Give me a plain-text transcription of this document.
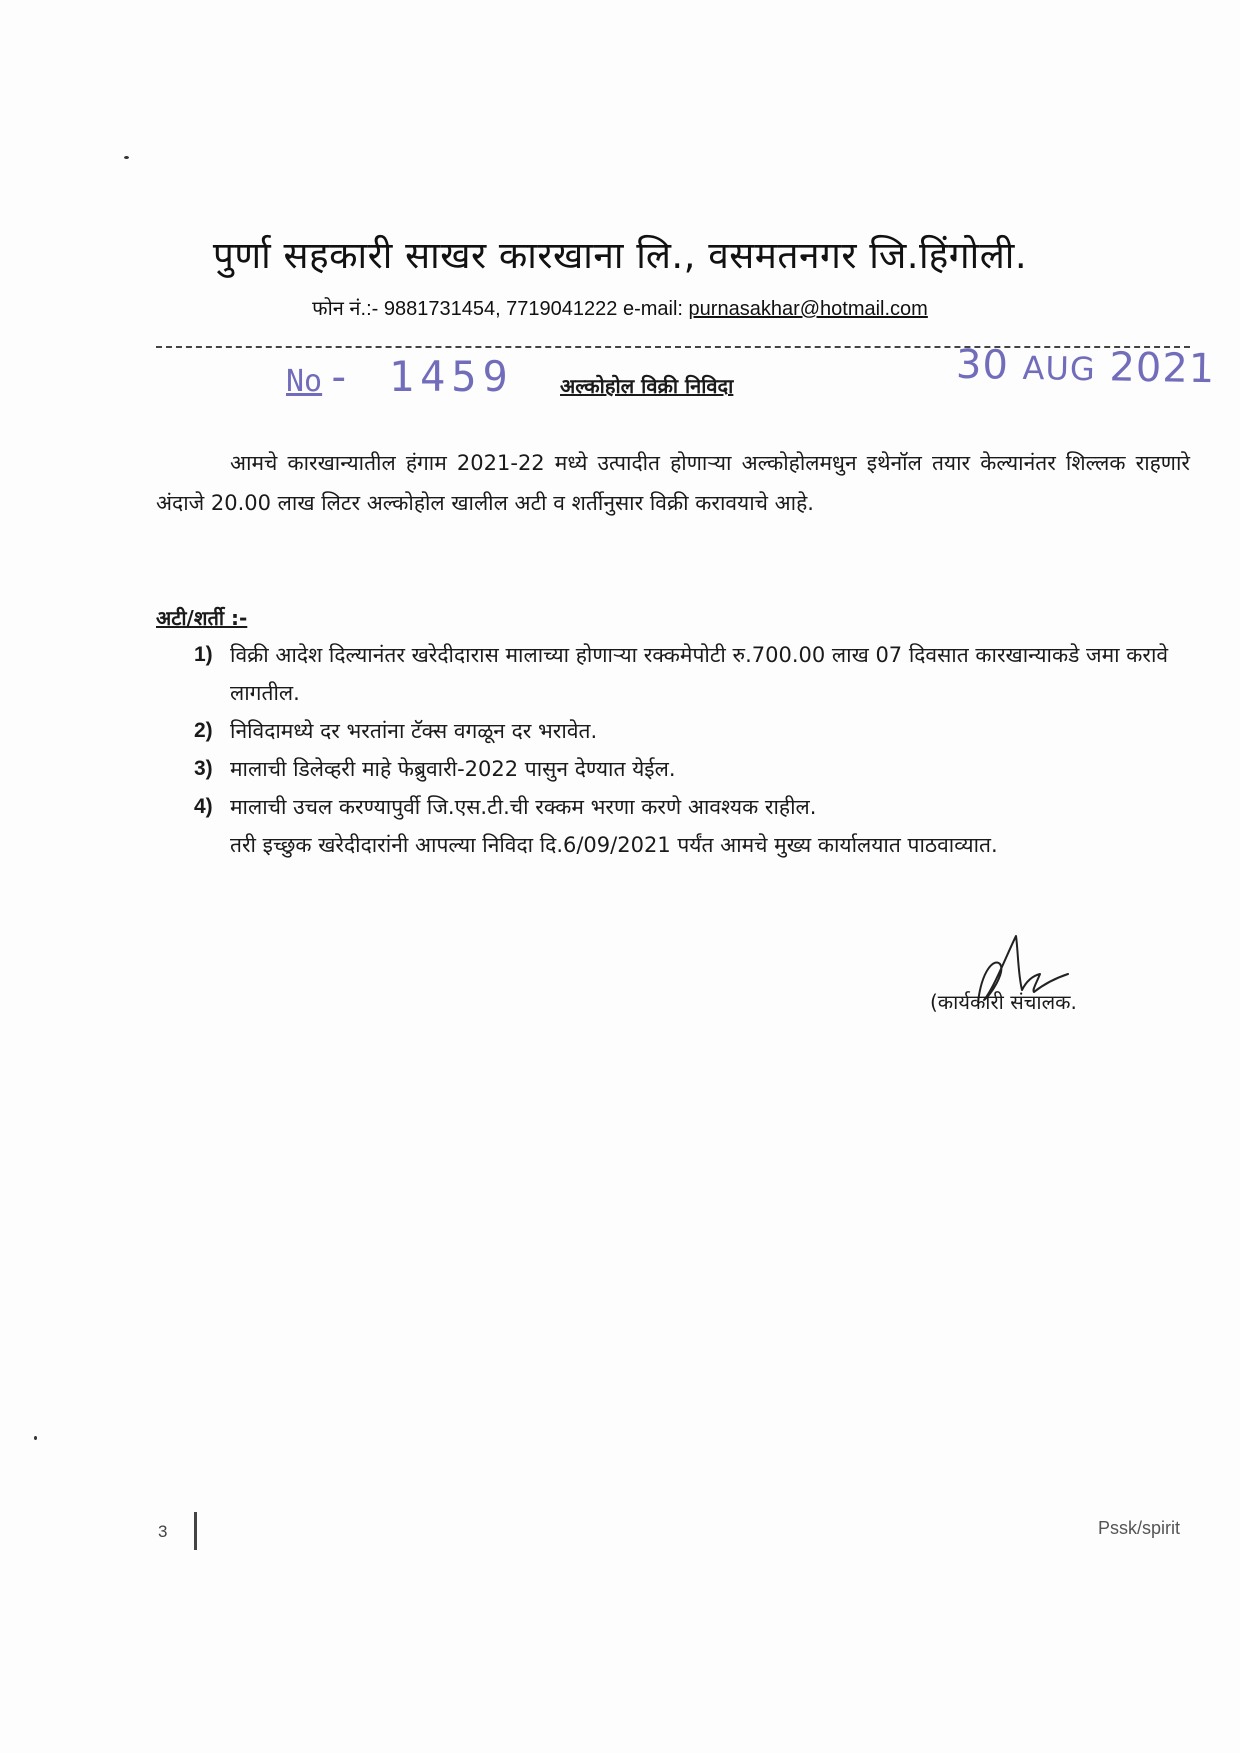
पुर्णा सहकारी साखर कारखाना लि., वसमतनगर जि.हिंगोली.
फोन नं.:- 9881731454, 7719041222 e-mail: purnasakhar@hotmail.com
No- 1459	30 AUG 2021
अल्कोहोल विक्री निविदा
आमचे कारखान्यातील हंगाम 2021-22 मध्ये उत्पादीत होणाऱ्या अल्कोहोलमधुन इथेनॉल तयार केल्यानंतर शिल्लक राहणारे अंदाजे 20.00 लाख लिटर अल्कोहोल खालील अटी व शर्तीनुसार विक्री करावयाचे आहे.
अटी/शर्ती :-
1) विक्री आदेश दिल्यानंतर खरेदीदारास मालाच्या होणाऱ्या रक्कमेपोटी रु.700.00 लाख 07 दिवसात कारखान्याकडे जमा करावे लागतील.
2) निविदामध्ये दर भरतांना टॅक्स वगळून दर भरावेत.
3) मालाची डिलेव्हरी माहे फेब्रुवारी-2022 पासुन देण्यात येईल.
4) मालाची उचल करण्यापुर्वी जि.एस.टी.ची रक्कम भरणा करणे आवश्यक राहील.
तरी इच्छुक खरेदीदारांनी आपल्या निविदा दि.6/09/2021 पर्यंत आमचे मुख्य कार्यालयात पाठवाव्यात.
(कार्यकारी संचालक.
3	Pssk/spirit
